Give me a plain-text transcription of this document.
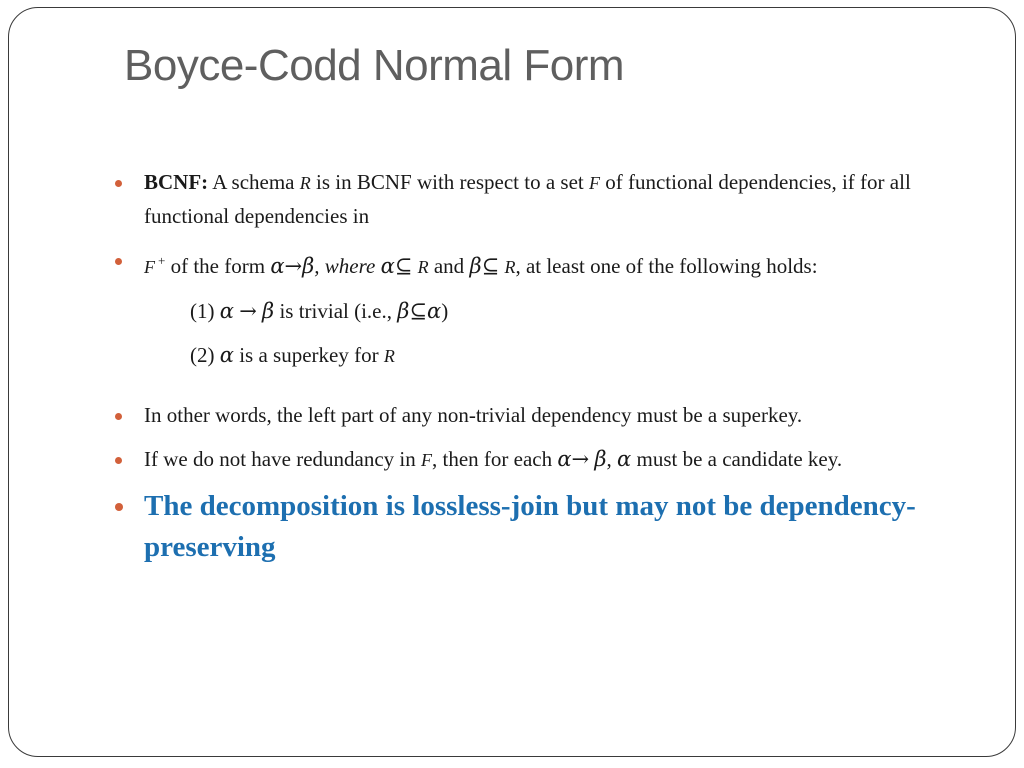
Boyce-Codd Normal Form
BCNF: A schema R is in BCNF with respect to a set F of functional dependencies, if for all functional dependencies in
F + of the form α→β, where α⊆ R and β⊆ R, at least one of the following holds:
(1) α → β is trivial (i.e., β⊆α)
(2) α is a superkey for R
In other words, the left part of any non-trivial dependency must be a superkey.
If we do not have redundancy in F, then for each α→ β, α must be a candidate key.
The decomposition is lossless-join but may not be dependency-preserving
